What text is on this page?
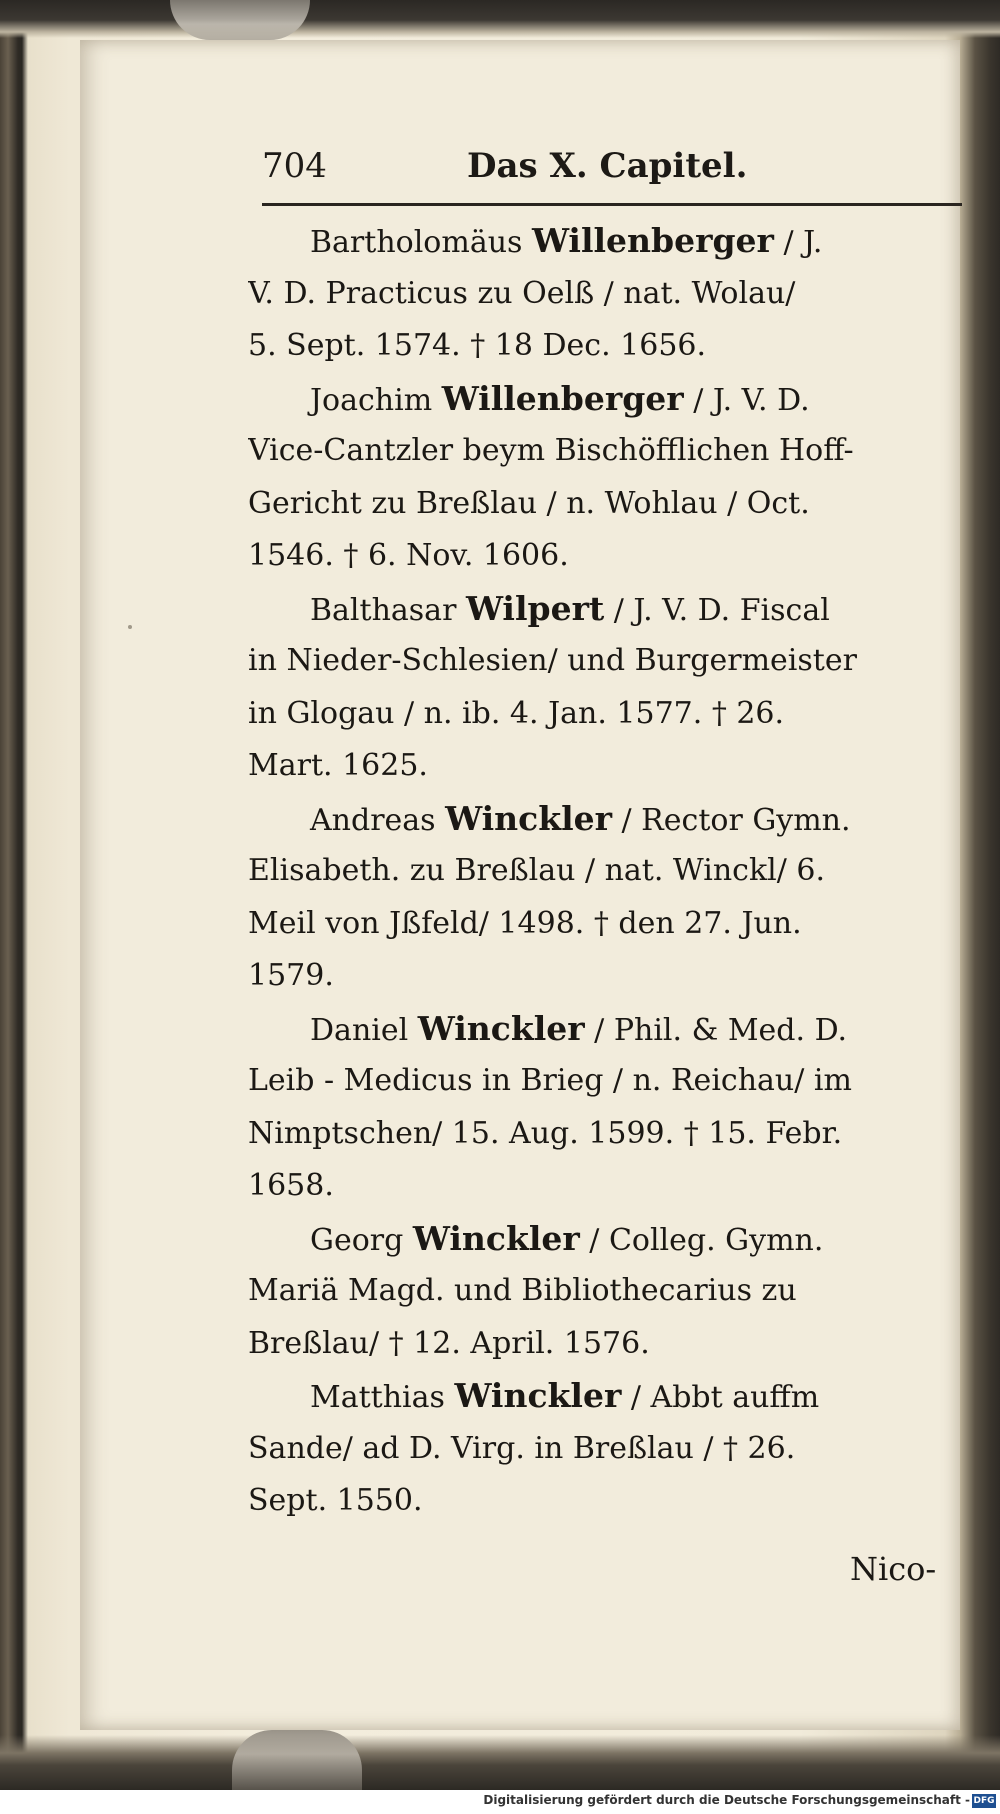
704	Das X. Capitel.
Bartholomäus Willenberger / J.
V. D. Practicus zu Oelß / nat. Wolau/
5. Sept. 1574. † 18 Dec. 1656.
Joachim Willenberger / J. V. D.
Vice-Cantzler beym Bischöfflichen Hoff-
Gericht zu Breßlau / n. Wohlau / Oct.
1546. † 6. Nov. 1606.
Balthasar Wilpert / J. V. D. Fiscal
in Nieder-Schlesien/ und Burgermeister
in Glogau / n. ib. 4. Jan. 1577. † 26.
Mart. 1625.
Andreas Winckler / Rector Gymn.
Elisabeth. zu Breßlau / nat. Winckl/ 6.
Meil von Jßfeld/ 1498. † den 27. Jun.
1579.
Daniel Winckler / Phil. & Med. D.
Leib - Medicus in Brieg / n. Reichau/ im
Nimptschen/ 15. Aug. 1599. † 15. Febr.
1658.
Georg Winckler / Colleg. Gymn.
Mariä Magd. und Bibliothecarius zu
Breßlau/ † 12. April. 1576.
Matthias Winckler / Abbt auffm
Sande/ ad D. Virg. in Breßlau / † 26.
Sept. 1550.
Nico-
Digitalisierung gefördert durch die Deutsche Forschungsgemeinschaft - DFG
